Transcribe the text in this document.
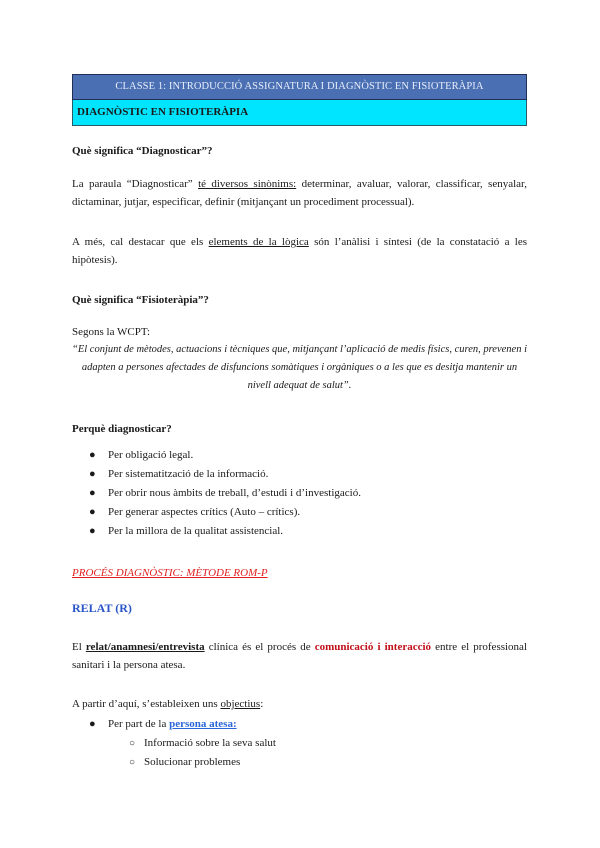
CLASSE 1: INTRODUCCIÓ ASSIGNATURA I DIAGNÒSTIC EN FISIOTERÀPIA
DIAGNÒSTIC EN FISIOTERÀPIA

Què significa “Diagnosticar”?

La paraula “Diagnosticar” té diversos sinònims: determinar, avaluar, valorar, classificar, senyalar, dictaminar, jutjar, especificar, definir (mitjançant un procediment processual).

A més, cal destacar que els elements de la lògica són l’anàlisi i síntesi (de la constatació a les hipòtesis).

Què significa “Fisioteràpia”?

Segons la WCPT:

“El conjunt de mètodes, actuacions i tècniques que, mitjançant l’aplicació de medis físics, curen, prevenen i adapten a persones afectades de disfuncions somàtiques i orgàniques o a les que es desitja mantenir un nivell adequat de salut”.

Perquè diagnosticar?

● Per obligació legal.
● Per sistematització de la informació.
● Per obrir nous àmbits de treball, d’estudi i d’investigació.
● Per generar aspectes crítics (Auto – crítics).
● Per la millora de la qualitat assistencial.

PROCÉS DIAGNÒSTIC: MÈTODE ROM-P

RELAT (R)

El relat/anamnesi/entrevista clínica és el procés de comunicació i interacció entre el professional sanitari i la persona atesa.

A partir d’aquí, s’estableixen uns objectius:

● Per part de la persona atesa:
○ Informació sobre la seva salut
○ Solucionar problemes
